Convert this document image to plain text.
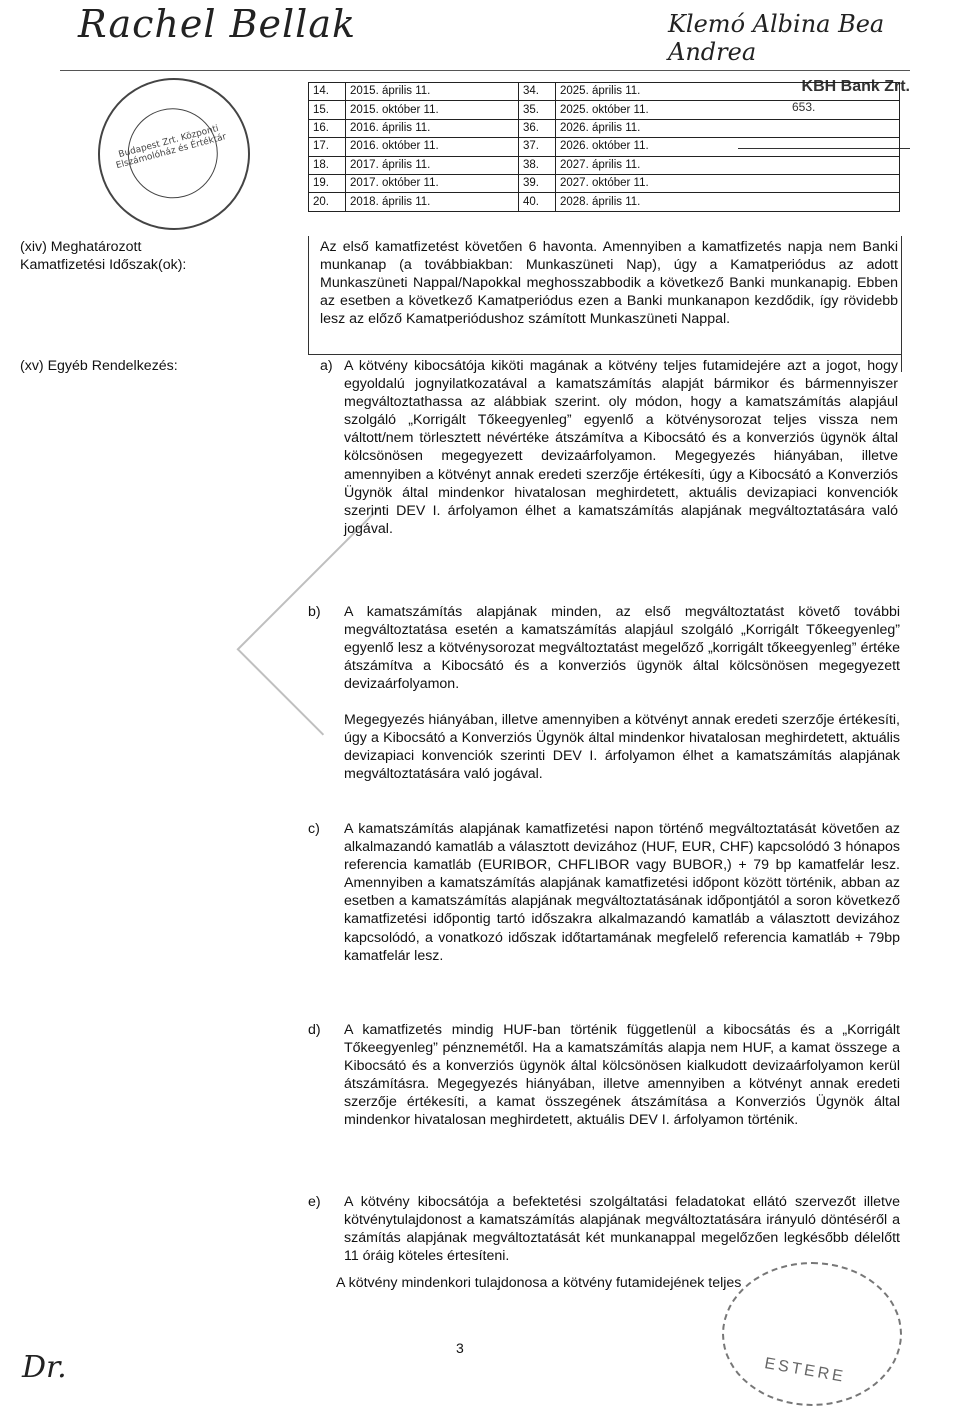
Rachel Bellak	Klemó Albina Bea Andrea
Budapest Zrt. Központi Elszámolóház és Értéktár
KBH Bank Zrt.
653.
14.	2015. április 11.	34.	2025. április 11.
15.	2015. október 11.	35.	2025. október 11.
16.	2016. április 11.	36.	2026. április 11.
17.	2016. október 11.	37.	2026. október 11.
18.	2017. április 11.	38.	2027. április 11.
19.	2017. október 11.	39.	2027. október 11.
20.	2018. április 11.	40.	2028. április 11.
(xiv) Meghatározott
Kamatfizetési Időszak(ok):
(xv) Egyéb Rendelkezés:
Az első kamatfizetést követően 6 havonta. Amennyiben a kamatfizetés napja nem Banki munkanap (a továbbiakban: Munkaszüneti Nap), úgy a Kamatperiódus az adott Munkaszüneti Nappal/Napokkal meghosszabbodik a következő Banki munkanapig. Ebben az esetben a következő Kamatperiódus ezen a Banki munkanapon kezdődik, így rövidebb lesz az előző Kamatperiódushoz számított Munkaszüneti Nappal.
a) A kötvény kibocsátója kiköti magának a kötvény teljes futamidejére azt a jogot, hogy egyoldalú jognyilatkozatával a kamatszámítás alapját bármikor és bármennyiszer megváltoztathassa az alábbiak szerint. oly módon, hogy a kamatszámítás alapjául szolgáló „Korrigált Tőkeegyenleg” egyenlő a kötvénysorozat teljes vissza nem váltott/nem törlesztett névértéke átszámítva a Kibocsátó és a konverziós ügynök által kölcsönösen megegyezett devizaárfolyamon. Megegyezés hiányában, illetve amennyiben a kötvényt annak eredeti szerzője értékesíti, úgy a Kibocsátó a Konverziós Ügynök által mindenkor hivatalosan meghirdetett, aktuális devizapiaci konvenciók szerinti DEV I. árfolyamon élhet a kamatszámítás alapjának megváltoztatására való jogával.
b) A kamatszámítás alapjának minden, az első megváltoztatást követő további megváltoztatása esetén a kamatszámítás alapjául szolgáló „Korrigált Tőkeegyenleg” egyenlő lesz a kötvénysorozat megváltoztatást megelőző „korrigált tőkeegyenleg” értéke átszámítva a Kibocsátó és a konverziós ügynök által kölcsönösen megegyezett devizaárfolyamon.
Megegyezés hiányában, illetve amennyiben a kötvényt annak eredeti szerzője értékesíti, úgy a Kibocsátó a Konverziós Ügynök által mindenkor hivatalosan meghirdetett, aktuális devizapiaci konvenciók szerinti DEV I. árfolyamon élhet a kamatszámítás alapjának megváltoztatására való jogával.
c) A kamatszámítás alapjának kamatfizetési napon történő megváltoztatását követően az alkalmazandó kamatláb a választott devizához (HUF, EUR, CHF) kapcsolódó 3 hónapos referencia kamatláb (EURIBOR, CHFLIBOR vagy BUBOR,) + 79 bp kamatfelár lesz. Amennyiben a kamatszámítás alapjának kamatfizetési időpont között történik, abban az esetben a kamatszámítás alapjának megváltoztatásának időpontjától a soron következő kamatfizetési időpontig tartó időszakra alkalmazandó kamatláb a választott devizához kapcsolódó, a vonatkozó időszak időtartamának megfelelő referencia kamatláb + 79bp kamatfelár lesz.
d) A kamatfizetés mindig HUF-ban történik függetlenül a kibocsátás és a „Korrigált Tőkeegyenleg” pénznemétől. Ha a kamatszámítás alapja nem HUF, a kamat összege a Kibocsátó és a konverziós ügynök által kölcsönösen kialkudott devizaárfolyamon kerül átszámításra. Megegyezés hiányában, illetve amennyiben a kötvényt annak eredeti szerzője értékesíti, a kamat összegének átszámítása a Konverziós Ügynök által mindenkor hivatalosan meghirdetett, aktuális DEV I. árfolyamon történik.
e) A kötvény kibocsátója a befektetési szolgáltatási feladatokat ellátó szervezőt illetve kötvénytulajdonost a kamatszámítás alapjának megváltoztatására irányuló döntéséről a számítás alapjának megváltoztatását két munkanappal megelőzően legkésőbb délelőtt 11 óráig köteles értesíteni.
A kötvény mindenkori tulajdonosa a kötvény futamidejének teljes
3
Dr.	ESTERE
